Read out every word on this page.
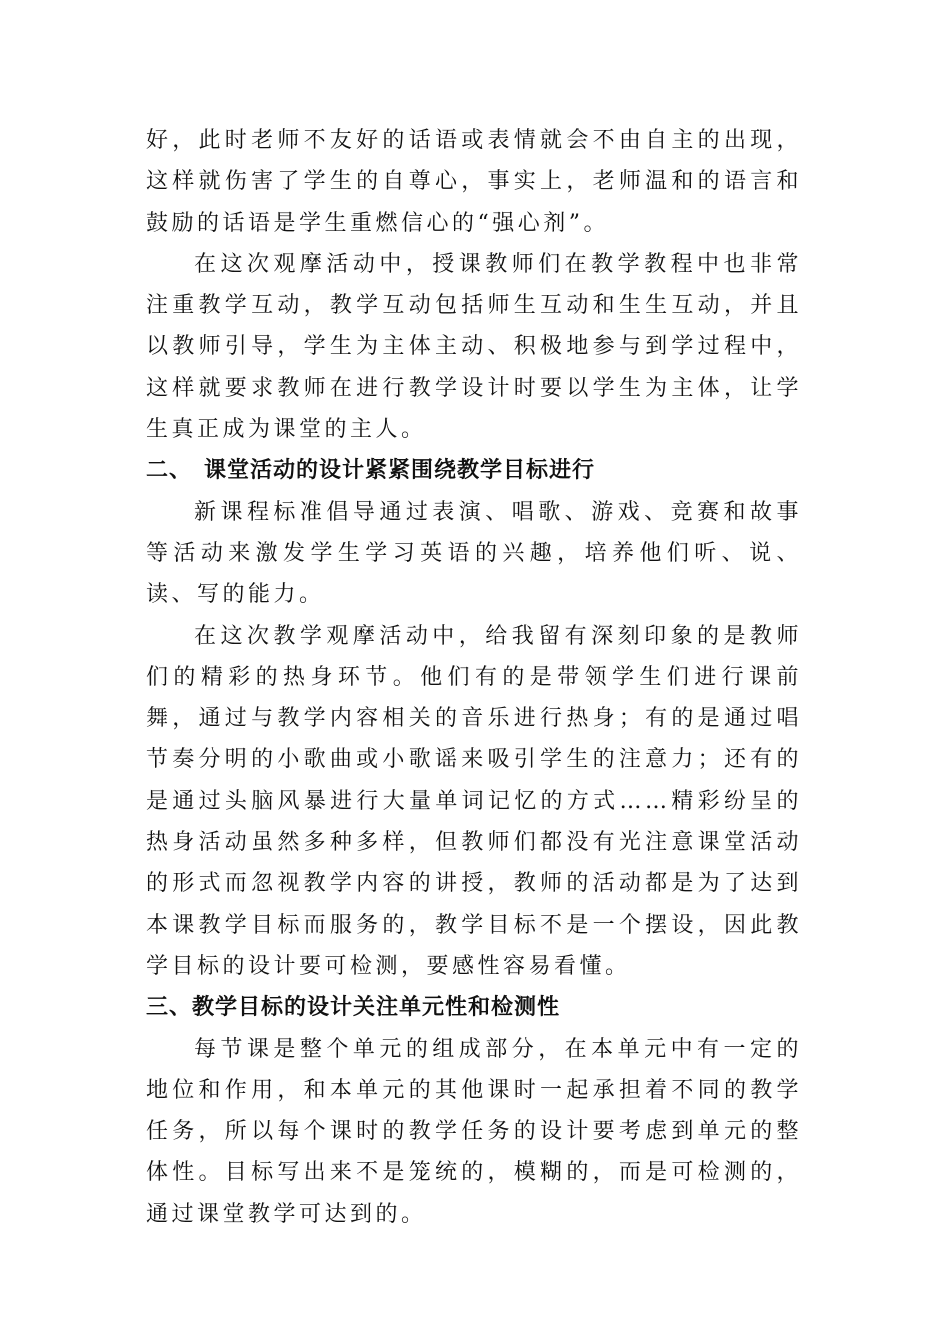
好，此时老师不友好的话语或表情就会不由自主的出现，这样就伤害了学生的自尊心，事实上，老师温和的语言和鼓励的话语是学生重燃信心的“强心剂”。

在这次观摩活动中，授课教师们在教学教程中也非常注重教学互动，教学互动包括师生互动和生生互动，并且以教师引导，学生为主体主动、积极地参与到学过程中，这样就要求教师在进行教学设计时要以学生为主体，让学生真正成为课堂的主人。

二、 课堂活动的设计紧紧围绕教学目标进行

新课程标准倡导通过表演、唱歌、游戏、竞赛和故事等活动来激发学生学习英语的兴趣，培养他们听、说、读、写的能力。

在这次教学观摩活动中，给我留有深刻印象的是教师们的精彩的热身环节。他们有的是带领学生们进行课前舞，通过与教学内容相关的音乐进行热身；有的是通过唱节奏分明的小歌曲或小歌谣来吸引学生的注意力；还有的是通过头脑风暴进行大量单词记忆的方式……精彩纷呈的热身活动虽然多种多样，但教师们都没有光注意课堂活动的形式而忽视教学内容的讲授，教师的活动都是为了达到本课教学目标而服务的，教学目标不是一个摆设，因此教学目标的设计要可检测，要感性容易看懂。

三、教学目标的设计关注单元性和检测性

每节课是整个单元的组成部分，在本单元中有一定的地位和作用，和本单元的其他课时一起承担着不同的教学任务，所以每个课时的教学任务的设计要考虑到单元的整体性。目标写出来不是笼统的，模糊的，而是可检测的，通过课堂教学可达到的。
